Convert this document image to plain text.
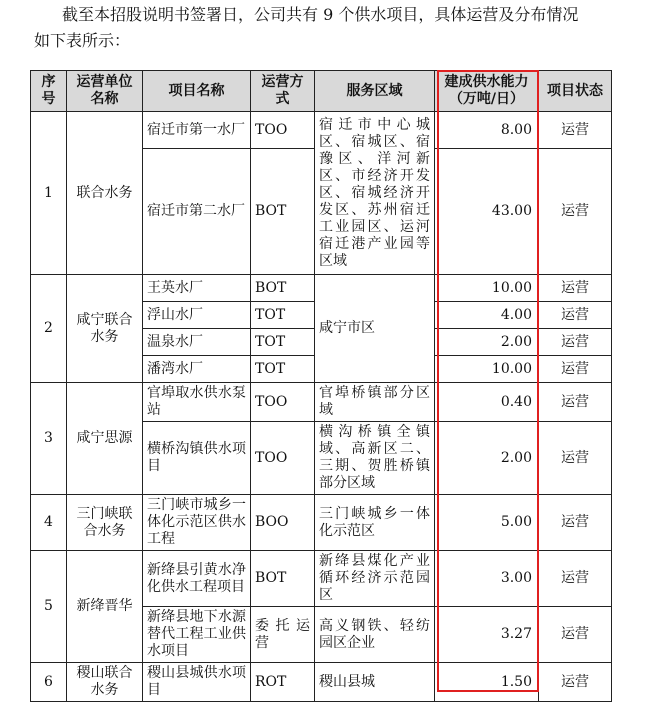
截至本招股说明书签署日，公司共有 9 个供水项目，具体运营及分布情况

如下表所示：

序号	运营单位名称	项目名称	运营方式	服务区域	建成供水能力（万吨/日）	项目状态
1	联合水务	宿迁市第一水厂	TOO	宿迁市中心城区、宿城区、宿豫区、洋河新区、市经济开发区、宿城经济开发区、苏州宿迁工业园区、运河宿迁港产业园等区域	8.00	运营
		宿迁市第二水厂	BOT		43.00	运营
2	咸宁联合水务	王英水厂	BOT	咸宁市区	10.00	运营
		浮山水厂	TOT		4.00	运营
		温泉水厂	TOT		2.00	运营
		潘湾水厂	TOT		10.00	运营
3	咸宁思源	官埠取水供水泵站	TOO	官埠桥镇部分区域	0.40	运营
		横桥沟镇供水项目	TOO	横沟桥镇全镇域、高新区二、三期、贺胜桥镇部分区域	2.00	运营
4	三门峡联合水务	三门峡市城乡一体化示范区供水工程	BOO	三门峡城乡一体化示范区	5.00	运营
5	新绛晋华	新绛县引黄水净化供水工程项目	BOT	新绛县煤化产业循环经济示范园区	3.00	运营
		新绛县地下水源替代工程工业供水项目	委托运营	高义钢铁、轻纺园区企业	3.27	运营
6	稷山联合水务	稷山县城供水项目	ROT	稷山县城	1.50	运营
